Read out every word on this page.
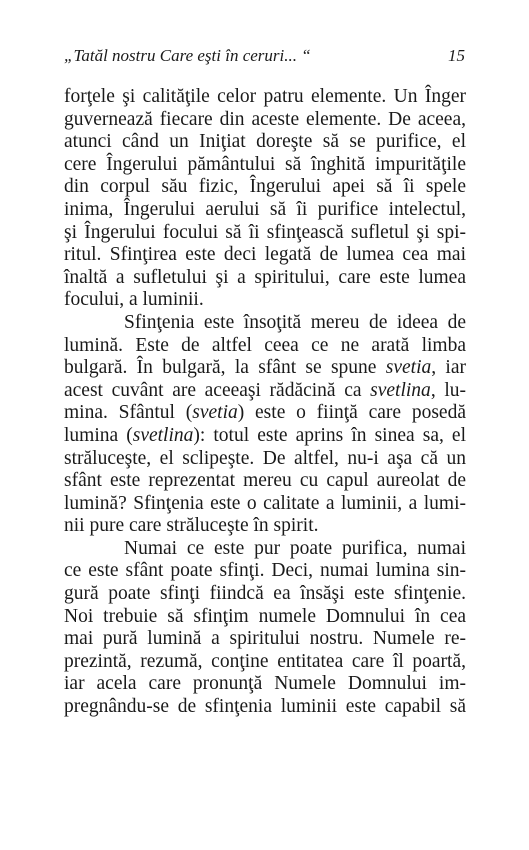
„Tatăl nostru Care eşti în ceruri... “	15
forţele şi calităţile celor patru elemente. Un Înger
guvernează fiecare din aceste elemente. De aceea,
atunci când un Iniţiat doreşte să se purifice, el
cere Îngerului pământului să înghită impurităţile
din corpul său fizic, Îngerului apei să îi spele
inima, Îngerului aerului să îi purifice intelectul,
şi Îngerului focului să îi sfinţească sufletul şi spi-
ritul. Sfinţirea este deci legată de lumea cea mai
înaltă a sufletului şi a spiritului, care este lumea
focului, a luminii.
Sfinţenia este însoţită mereu de ideea de
lumină. Este de altfel ceea ce ne arată limba
bulgară. În bulgară, la sfânt se spune svetia, iar
acest cuvânt are aceeaşi rădăcină ca svetlina, lu-
mina. Sfântul (svetia) este o fiinţă care posedă
lumina (svetlina): totul este aprins în sinea sa, el
străluceşte, el sclipeşte. De altfel, nu-i aşa că un
sfânt este reprezentat mereu cu capul aureolat de
lumină? Sfinţenia este o calitate a luminii, a lumi-
nii pure care străluceşte în spirit.
Numai ce este pur poate purifica, numai
ce este sfânt poate sfinţi. Deci, numai lumina sin-
gură poate sfinţi fiindcă ea însăşi este sfinţenie.
Noi trebuie să sfinţim numele Domnului în cea
mai pură lumină a spiritului nostru. Numele re-
prezintă, rezumă, conţine entitatea care îl poartă,
iar acela care pronunţă Numele Domnului im-
pregnându-se de sfinţenia luminii este capabil să
